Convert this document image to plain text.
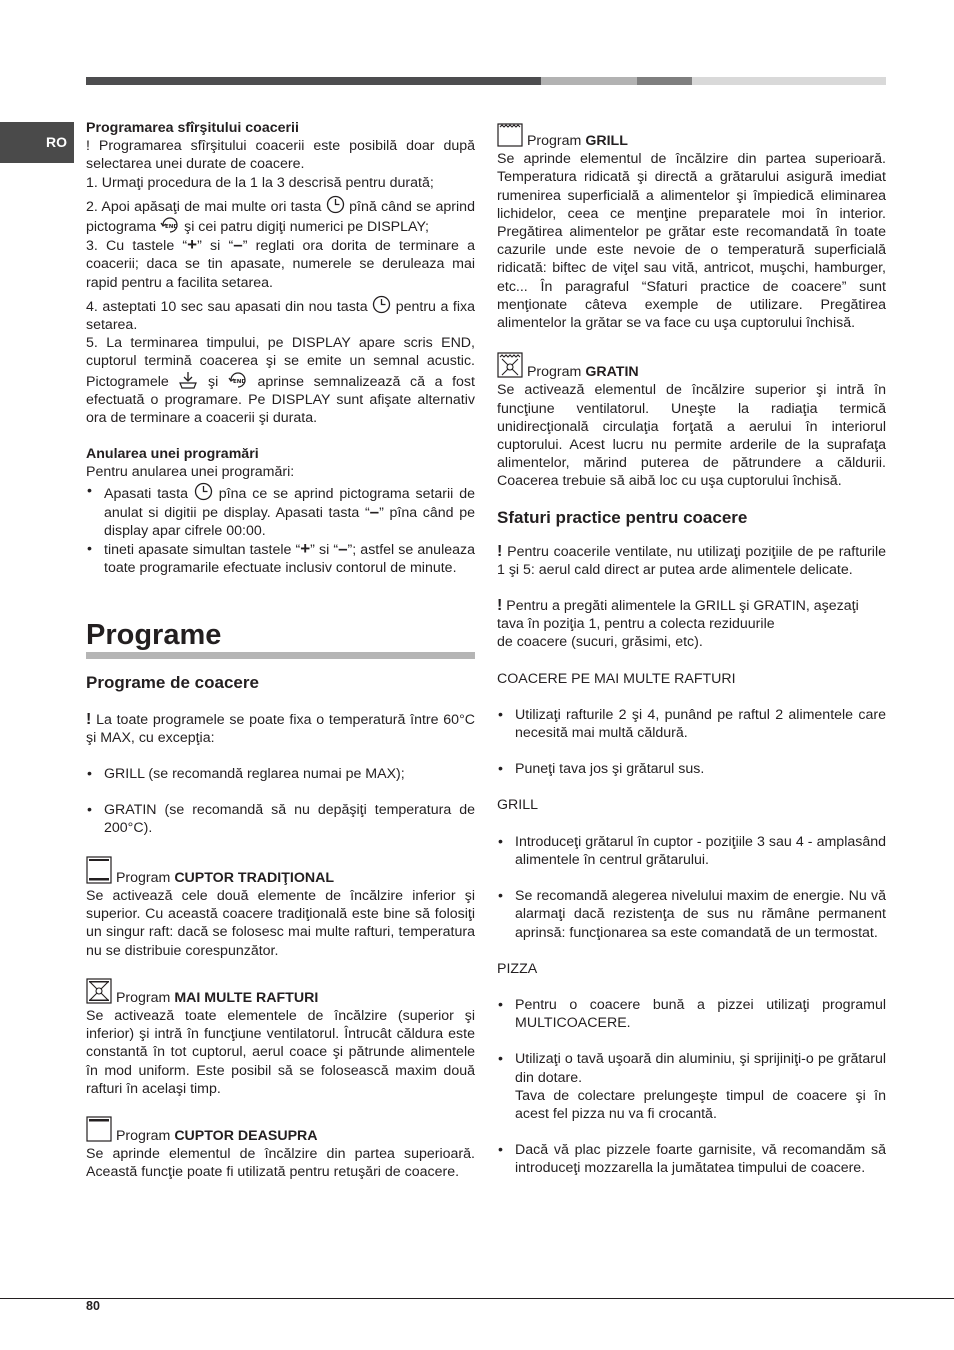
RO

Programarea sfîrşitului coacerii

! Programarea sfîrşitului coacerii este posibilă doar după selectarea unei durate de coacere.

1. Urmaţi procedura de la 1 la 3 descrisă pentru durată;

2. Apoi apăsaţi de mai multe ori tasta pînă când se aprind pictograma END şi cei patru digiţi numerici pe DISPLAY;

3. Cu tastele “+” si “–” reglati ora dorita de terminare a coacerii; daca se tin apasate, numerele se deruleaza mai rapid pentru a facilita setarea.

4. asteptati 10 sec sau apasati din nou tasta pentru a fixa setarea.

5. La terminarea timpului, pe DISPLAY apare scris END, cuptorul termină coacerea şi se emite un semnal acustic. Pictogramele	şi	END aprinse semnalizează că a fost efectuată o programare. Pe DISPLAY sunt afişate alternativ ora de terminare a coacerii şi durata.

Anularea unei programări

Pentru anularea unei programări:

• Apasati tasta pîna ce se aprind pictograma setarii de anulat si digitii pe display. Apasati tasta “–” pîna când pe display apar cifrele 00:00.
• tineti apasate simultan tastele “+” si “–”; astfel se anuleaza toate programarile efectuate inclusiv contorul de minute.

Programe

Programe de coacere

! La toate programele se poate fixa o temperatură între 60°C şi MAX, cu excepţia:

• GRILL (se recomandă reglarea numai pe MAX);
• GRATIN (se recomandă să nu depăşiţi temperatura de 200°C).

Program CUPTOR TRADIŢIONAL

Se activează cele două elemente de încălzire inferior şi superior. Cu această coacere tradiţională este bine să folosiţi un singur raft: dacă se folosesc mai multe rafturi, temperatura nu se distribuie corespunzător.

Program MAI MULTE RAFTURI

Se activează toate elementele de încălzire (superior şi inferior) şi intră în funcţiune ventilatorul. Întrucât căldura este constantă în tot cuptorul, aerul coace şi pătrunde alimentele în mod uniform. Este posibil să se folosească maxim două rafturi în acelaşi timp.

Program CUPTOR DEASUPRA

Se aprinde elementul de încălzire din partea superioară. Această funcţie poate fi utilizată pentru retuşări de coacere.

Program GRILL

Se aprinde elementul de încălzire din partea superioară. Temperatura ridicată şi directă a grătarului asigură imediat rumenirea superficială a alimentelor şi împiedică eliminarea lichidelor, ceea ce menţine preparatele moi în interior. Pregătirea alimentelor pe grătar este recomandată în toate cazurile unde este nevoie de o temperatură superficială ridicată: biftec de viţel sau vită, antricot, muşchi, hamburger, etc... În paragraful “Sfaturi practice de coacere” sunt menţionate câteva exemple de utilizare. Pregătirea alimentelor la grătar se va face cu uşa cuptorului închisă.

Program GRATIN

Se activează elementul de încălzire superior şi intră în funcţiune ventilatorul. Uneşte la radiaţia termică unidirecţională circulaţia forţată a aerului în interiorul cuptorului. Acest lucru nu permite arderile de la suprafaţa alimentelor, mărind puterea de pătrundere a căldurii. Coacerea trebuie să aibă loc cu uşa cuptorului închisă.

Sfaturi practice pentru coacere

! Pentru coacerile ventilate, nu utilizaţi poziţiile de pe rafturile 1 şi 5: aerul cald direct ar putea arde alimentele delicate.

! Pentru a pregăti alimentele la GRILL şi GRATIN, aşezaţi tava în poziţia 1, pentru a colecta reziduurile
de coacere (sucuri, grăsimi, etc).

COACERE PE MAI MULTE RAFTURI

• Utilizaţi rafturile 2 şi 4, punând pe raftul 2 alimentele care necesită mai multă căldură.
• Puneţi tava jos şi grătarul sus.

GRILL

• Introduceţi grătarul în cuptor - poziţiile 3 sau 4 - amplasând alimentele în centrul grătarului.
• Se recomandă alegerea nivelului maxim de energie. Nu vă alarmaţi dacă rezistenţa de sus nu rămâne permanent aprinsă: funcţionarea sa este comandată de un termostat.

PIZZA

• Pentru o coacere bună a pizzei utilizaţi programul MULTICOACERE.
• Utilizaţi o tavă uşoară din aluminiu, şi sprijiniţi-o pe grătarul din dotare.
Tava de colectare prelungeşte timpul de coacere şi în acest fel pizza nu va fi crocantă.
• Dacă vă plac pizzele foarte garnisite, vă recomandăm să introduceţi mozzarella la jumătatea timpului de coacere.
80
